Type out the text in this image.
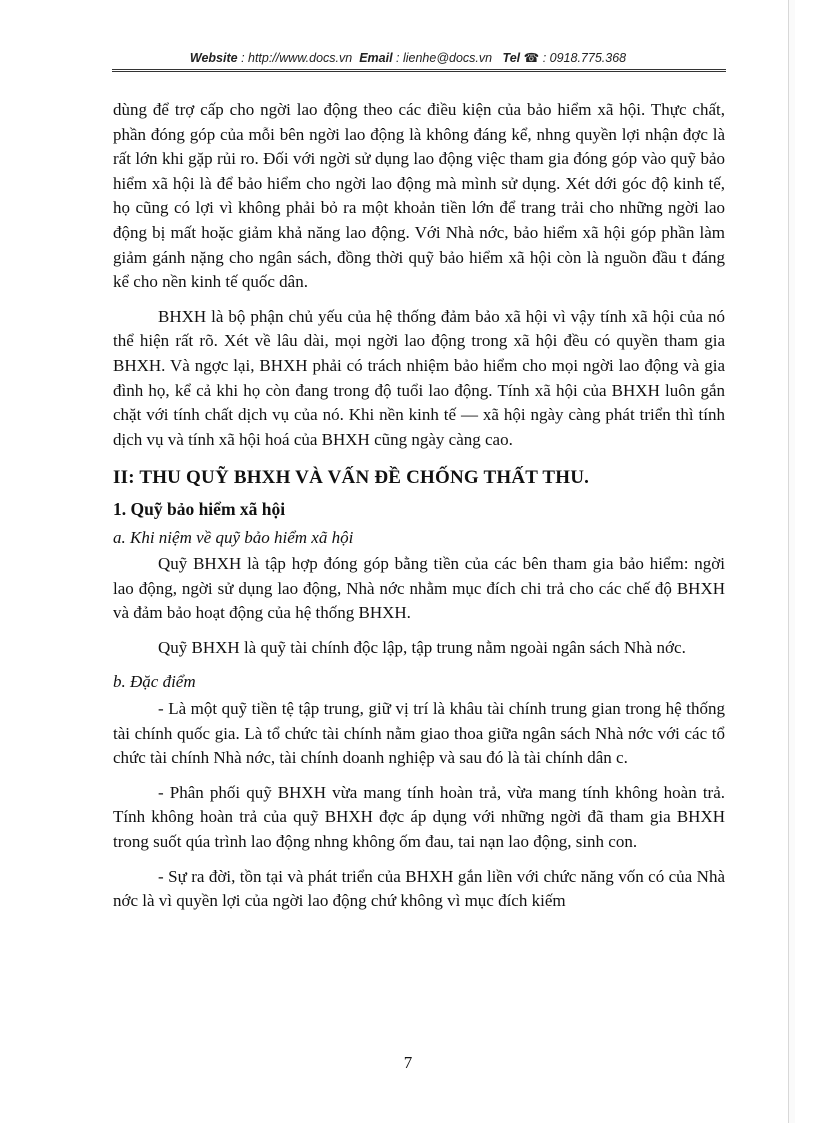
Website : http://www.docs.vn Email : lienhe@docs.vn Tel ☎ : 0918.775.368

dùng để trợ cấp cho ngời lao động theo các điều kiện của bảo hiểm xã hội. Thực chất, phần đóng góp của mỗi bên ngời lao động là không đáng kể, nhng quyền lợi nhận đợc là rất lớn khi gặp rủi ro. Đối với ngời sử dụng lao động việc tham gia đóng góp vào quỹ bảo hiểm xã hội là để bảo hiểm cho ngời lao động mà mình sử dụng. Xét dới góc độ kinh tế, họ cũng có lợi vì không phải bỏ ra một khoản tiền lớn để trang trải cho những ngời lao động bị mất hoặc giảm khả năng lao động. Với Nhà nớc, bảo hiểm xã hội góp phần làm giảm gánh nặng cho ngân sách, đồng thời quỹ bảo hiểm xã hội còn là nguồn đầu t đáng kể cho nền kinh tế quốc dân.

BHXH là bộ phận chủ yếu của hệ thống đảm bảo xã hội vì vậy tính xã hội của nó thể hiện rất rõ. Xét về lâu dài, mọi ngời lao động trong xã hội đều có quyền tham gia BHXH. Và ngợc lại, BHXH phải có trách nhiệm bảo hiểm cho mọi ngời lao động và gia đình họ, kể cả khi họ còn đang trong độ tuổi lao động. Tính xã hội của BHXH luôn gắn chặt với tính chất dịch vụ của nó. Khi nền kinh tế — xã hội ngày càng phát triển thì tính dịch vụ và tính xã hội hoá của BHXH cũng ngày càng cao.

II: THU QUỸ BHXH VÀ VẤN ĐỀ CHỐNG THẤT THU.
1. Quỹ bảo hiểm xã hội
a. Khi niệm về quỹ bảo hiểm xã hội

Quỹ BHXH là tập hợp đóng góp bằng tiền của các bên tham gia bảo hiểm: ngời lao động, ngời sử dụng lao động, Nhà nớc nhằm mục đích chi trả cho các chế độ BHXH và đảm bảo hoạt động của hệ thống BHXH.

Quỹ BHXH là quỹ tài chính độc lập, tập trung nằm ngoài ngân sách Nhà nớc.

b. Đặc điểm

- Là một quỹ tiền tệ tập trung, giữ vị trí là khâu tài chính trung gian trong hệ thống tài chính quốc gia. Là tổ chức tài chính nằm giao thoa giữa ngân sách Nhà nớc với các tổ chức tài chính Nhà nớc, tài chính doanh nghiệp và sau đó là tài chính dân c.

- Phân phối quỹ BHXH vừa mang tính hoàn trả, vừa mang tính không hoàn trả. Tính không hoàn trả của quỹ BHXH đợc áp dụng với những ngời đã tham gia BHXH trong suốt qúa trình lao động nhng không ốm đau, tai nạn lao động, sinh con.

- Sự ra đời, tồn tại và phát triển của BHXH gắn liền với chức năng vốn có của Nhà nớc là vì quyền lợi của ngời lao động chứ không vì mục đích kiếm

7
